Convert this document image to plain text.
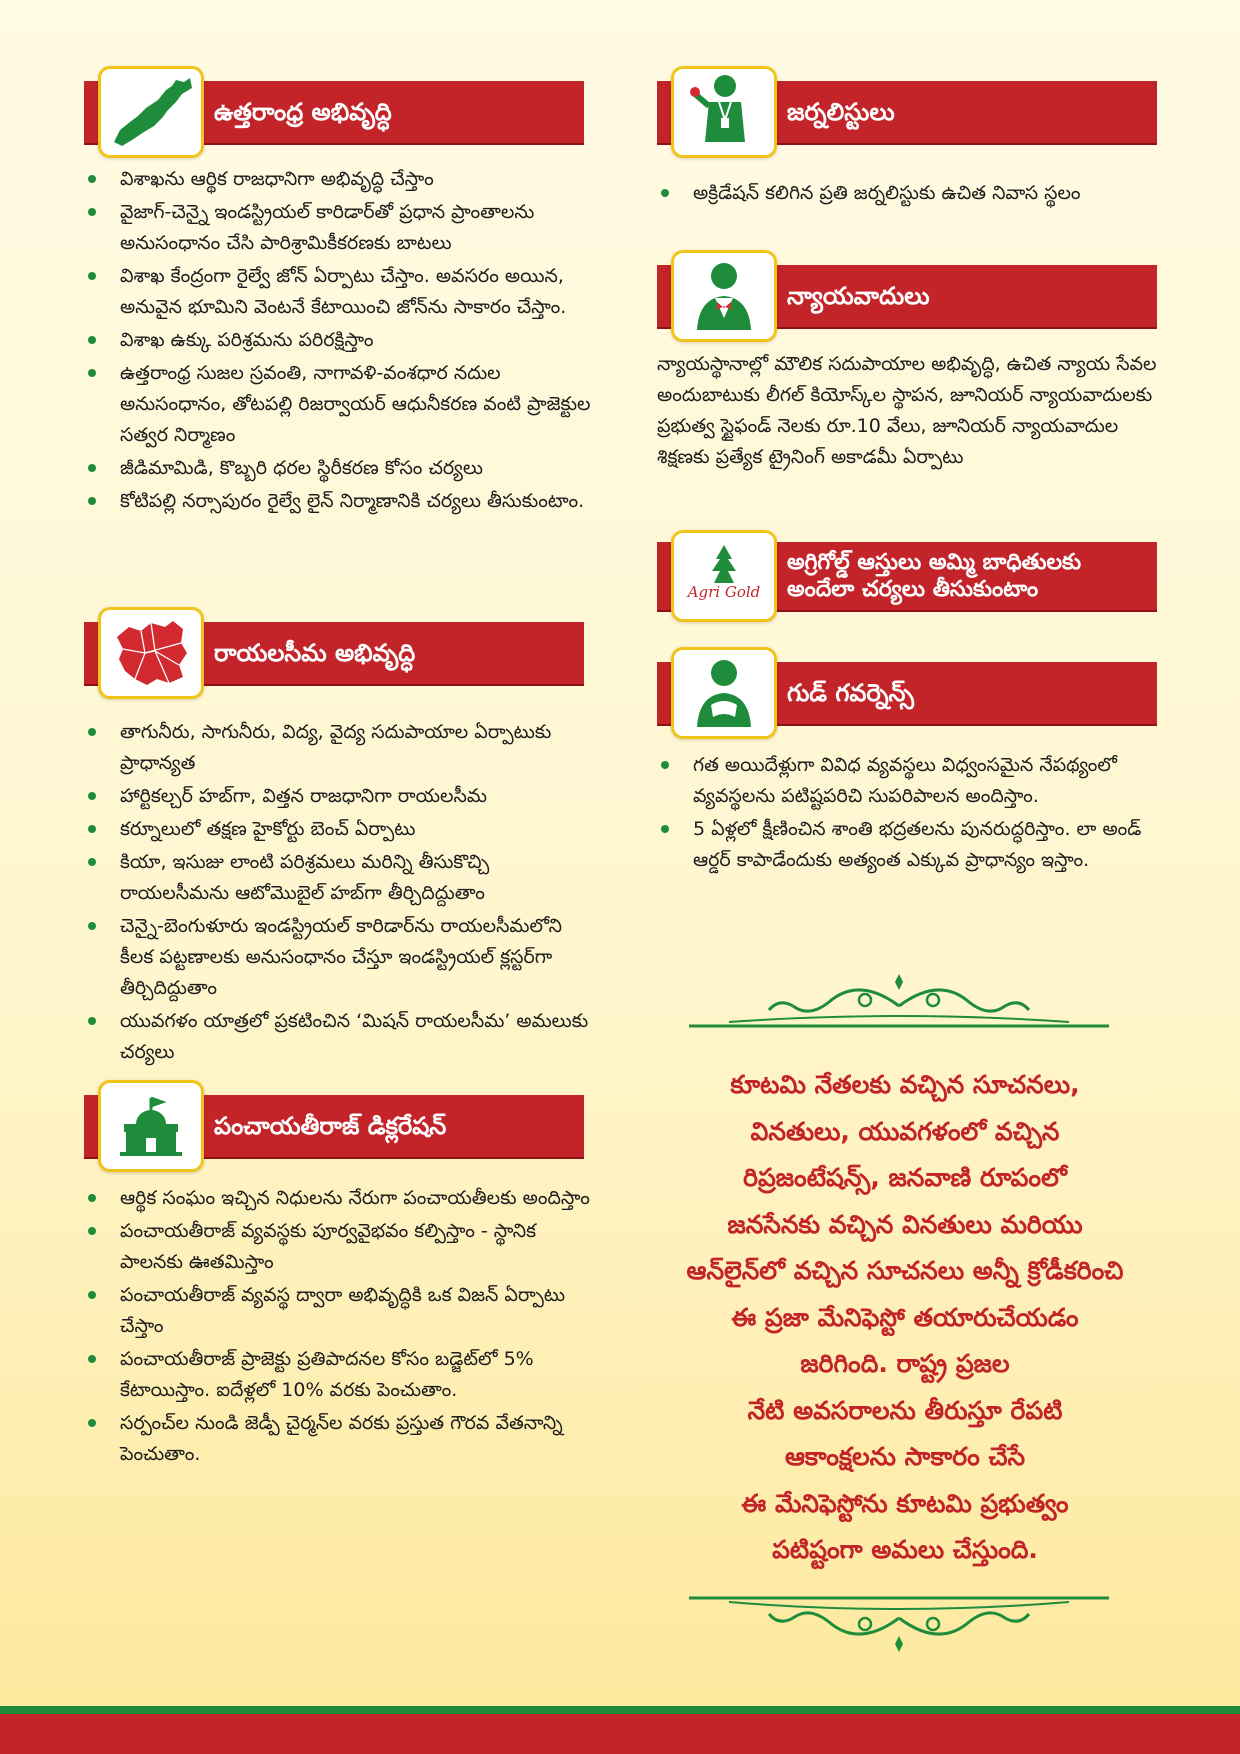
ఉత్తరాంధ్ర అభివృద్ధి
విశాఖను ఆర్థిక రాజధానిగా అభివృద్ధి చేస్తాం
వైజాగ్-చెన్నై ఇండస్ట్రియల్ కారిడార్‌తో ప్రధాన ప్రాంతాలను అనుసంధానం చేసి పారిశ్రామికీకరణకు బాటలు
విశాఖ కేంద్రంగా రైల్వే జోన్ ఏర్పాటు చేస్తాం. అవసరం అయిన, అనువైన భూమిని వెంటనే కేటాయించి జోన్‌ను సాకారం చేస్తాం.
విశాఖ ఉక్కు పరిశ్రమను పరిరక్షిస్తాం
ఉత్తరాంధ్ర సుజల స్రవంతి, నాగావళి-వంశధార నదుల అనుసంధానం, తోటపల్లి రిజర్వాయర్ ఆధునీకరణ వంటి ప్రాజెక్టుల సత్వర నిర్మాణం
జీడిమామిడి, కొబ్బరి ధరల స్థిరీకరణ కోసం చర్యలు
కోటిపల్లి నర్సాపురం రైల్వే లైన్ నిర్మాణానికి చర్యలు తీసుకుంటాం.
రాయలసీమ అభివృద్ధి
తాగునీరు, సాగునీరు, విద్య, వైద్య సదుపాయాల ఏర్పాటుకు ప్రాధాన్యత
హార్టికల్చర్ హబ్‌గా, విత్తన రాజధానిగా రాయలసీమ
కర్నూలులో తక్షణ హైకోర్టు బెంచ్ ఏర్పాటు
కియా, ఇసుజు లాంటి పరిశ్రమలు మరిన్ని తీసుకొచ్చి రాయలసీమను ఆటోమొబైల్ హబ్‌గా తీర్చిదిద్దుతాం
చెన్నై-బెంగుళూరు ఇండస్ట్రియల్ కారిడార్‌ను రాయలసీమలోని కీలక పట్టణాలకు అనుసంధానం చేస్తూ ఇండస్ట్రియల్ క్లస్టర్‌గా తీర్చిదిద్దుతాం
యువగళం యాత్రలో ప్రకటించిన ‘మిషన్ రాయలసీమ’ అమలుకు చర్యలు
పంచాయతీరాజ్ డిక్లరేషన్
ఆర్థిక సంఘం ఇచ్చిన నిధులను నేరుగా పంచాయతీలకు అందిస్తాం
పంచాయతీరాజ్ వ్యవస్థకు పూర్వవైభవం కల్పిస్తాం - స్థానిక పాలనకు ఊతమిస్తాం
పంచాయతీరాజ్ వ్యవస్థ ద్వారా అభివృద్ధికి ఒక విజన్ ఏర్పాటు చేస్తాం
పంచాయతీరాజ్ ప్రాజెక్టు ప్రతిపాదనల కోసం బడ్జెట్‌లో 5% కేటాయిస్తాం. ఐదేళ్లలో 10% వరకు పెంచుతాం.
సర్పంచ్‌ల నుండి జెడ్పీ చైర్మన్‌ల వరకు ప్రస్తుత గౌరవ వేతనాన్ని పెంచుతాం.
జర్నలిస్టులు
అక్రిడేషన్ కలిగిన ప్రతి జర్నలిస్టుకు ఉచిత నివాస స్థలం
న్యాయవాదులు
న్యాయస్థానాల్లో మౌలిక సదుపాయాల అభివృద్ధి, ఉచిత న్యాయ సేవల అందుబాటుకు లీగల్ కియోస్క్‌ల స్థాపన, జూనియర్ న్యాయవాదులకు ప్రభుత్వ స్టైఫండ్ నెలకు రూ.10 వేలు, జూనియర్ న్యాయవాదుల శిక్షణకు ప్రత్యేక ట్రైనింగ్ అకాడమీ ఏర్పాటు
అగ్రిగోల్డ్ ఆస్తులు అమ్మి బాధితులకు అందేలా చర్యలు తీసుకుంటాం
Agri Gold
గుడ్ గవర్నెన్స్
గత అయిదేళ్లుగా వివిధ వ్యవస్థలు విధ్వంసమైన నేపథ్యంలో వ్యవస్థలను పటిష్టపరిచి సుపరిపాలన అందిస్తాం.
5 ఏళ్లలో క్షీణించిన శాంతి భద్రతలను పునరుద్ధరిస్తాం. లా అండ్ ఆర్డర్ కాపాడేందుకు అత్యంత ఎక్కువ ప్రాధాన్యం ఇస్తాం.
కూటమి నేతలకు వచ్చిన సూచనలు,
వినతులు, యువగళంలో వచ్చిన
రిప్రజంటేషన్స్, జనవాణి రూపంలో
జనసేనకు వచ్చిన వినతులు మరియు
ఆన్‌లైన్‌లో వచ్చిన సూచనలు అన్నీ క్రోడీకరించి
ఈ ప్రజా మేనిఫెస్టో తయారుచేయడం
జరిగింది. రాష్ట్ర ప్రజల
నేటి అవసరాలను తీరుస్తూ రేపటి
ఆకాంక్షలను సాకారం చేసే
ఈ మేనిఫెస్టోను కూటమి ప్రభుత్వం
పటిష్టంగా అమలు చేస్తుంది.
